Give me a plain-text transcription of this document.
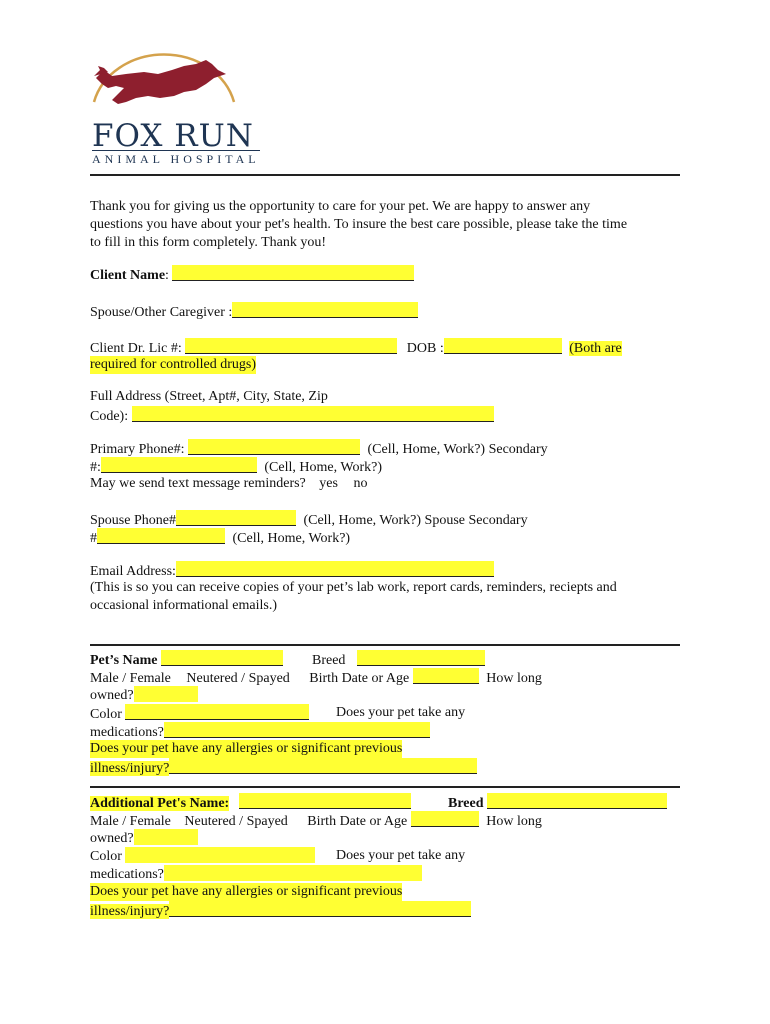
FOX RUN
ANIMAL HOSPITAL
Thank you for giving us the opportunity to care for your pet. We are happy to answer any
questions you have about your pet's health. To insure the best care possible, please take the time
to fill in this form completely. Thank you!
Client Name:
Spouse/Other Caregiver :
Client Dr. Lic #:	DOB :	(Both are
required for controlled drugs)
Full Address (Street, Apt#, City, State, Zip
Code):
Primary Phone#:	(Cell, Home, Work?) Secondary
#:	(Cell, Home, Work?)
May we send text message reminders? yes no
Spouse Phone#	(Cell, Home, Work?) Spouse Secondary
#	(Cell, Home, Work?)
Email Address:
(This is so you can receive copies of your pet’s lab work, report cards, reminders, reciepts and
occasional informational emails.)
Pet’s Name	Breed
Male / Female Neutered / Spayed Birth Date or Age	How long
owned?
Color	Does your pet take any
medications?
Does your pet have any allergies or significant previous
illness/injury?
Additional Pet's Name:	Breed
Male / Female Neutered / Spayed Birth Date or Age	How long
owned?
Color	Does your pet take any
medications?
Does your pet have any allergies or significant previous
illness/injury?
